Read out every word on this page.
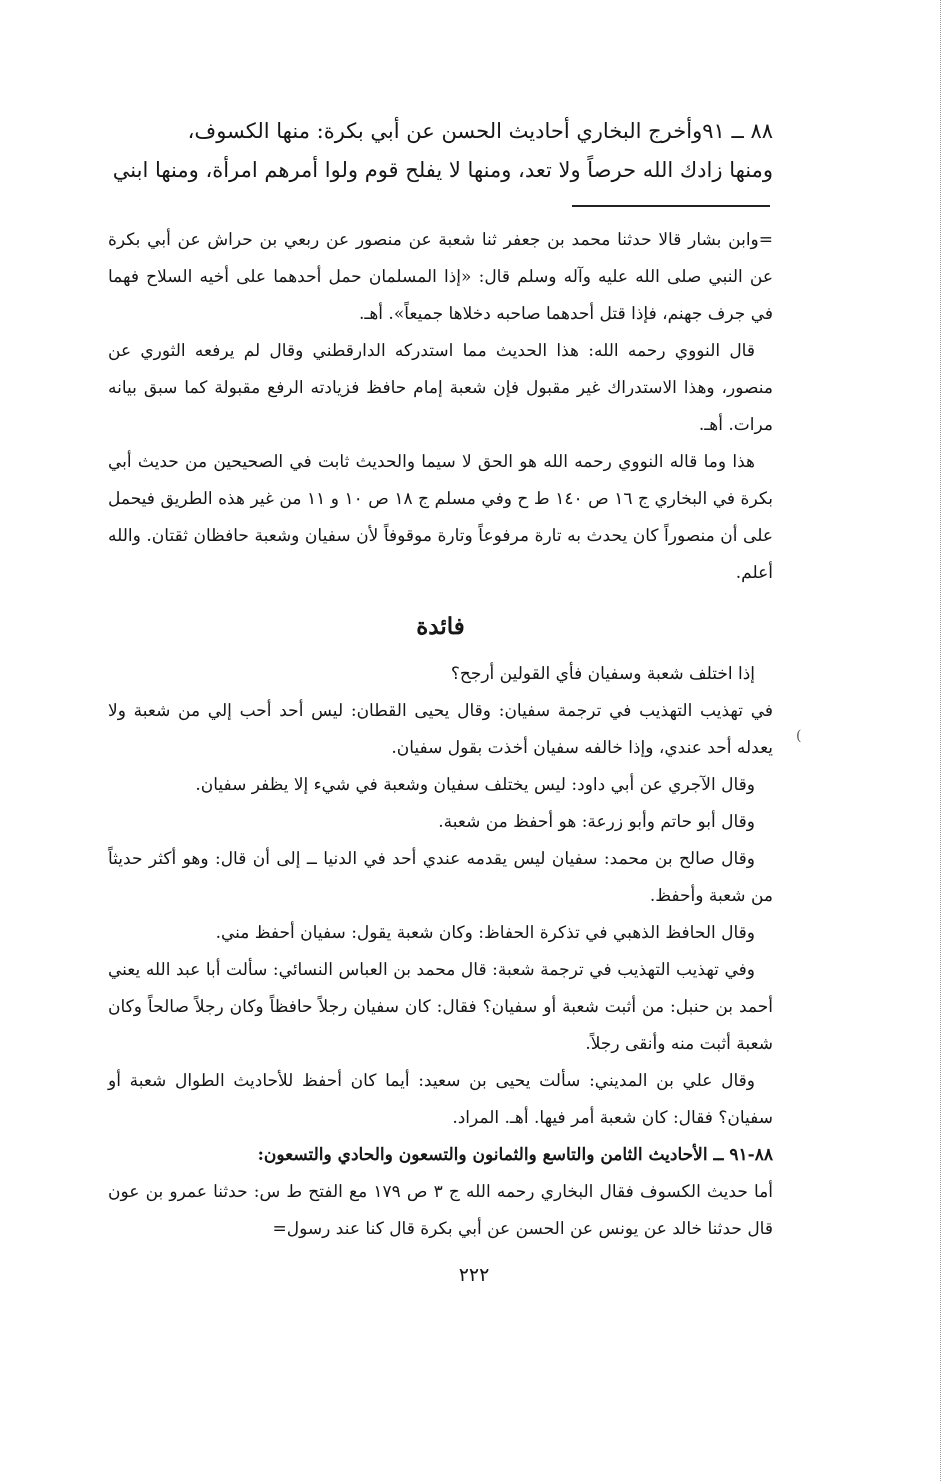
٨٨ ــ ٩١وأخرج البخاري أحاديث الحسن عن أبي بكرة: منها الكسوف،

ومنها زادك الله حرصاً ولا تعد، ومنها لا يفلح قوم ولوا أمرهم امرأة، ومنها ابني

=وابن بشار قالا حدثنا محمد بن جعفر ثنا شعبة عن منصور عن ربعي بن حراش عن أبي بكرة عن النبي صلى الله عليه وآله وسلم قال: «إذا المسلمان حمل أحدهما على أخيه السلاح فهما في جرف جهنم، فإذا قتل أحدهما صاحبه دخلاها جميعاً». أهـ.

قال النووي رحمه الله: هذا الحديث مما استدركه الدارقطني وقال لم يرفعه الثوري عن منصور، وهذا الاستدراك غير مقبول فإن شعبة إمام حافظ فزيادته الرفع مقبولة كما سبق بيانه مرات. أهـ.

هذا وما قاله النووي رحمه الله هو الحق لا سيما والحديث ثابت في الصحيحين من حديث أبي بكرة في البخاري ج ١٦ ص ١٤٠ ط ح وفي مسلم ج ١٨ ص ١٠ و ١١ من غير هذه الطريق فيحمل على أن منصوراً كان يحدث به تارة مرفوعاً وتارة موقوفاً لأن سفيان وشعبة حافظان ثقتان. والله أعلم.

فائدة

إذا اختلف شعبة وسفيان فأي القولين أرجح؟

في تهذيب التهذيب في ترجمة سفيان: وقال يحيى القطان: ليس أحد أحب إلي من شعبة ولا يعدله أحد عندي، وإذا خالفه سفيان أخذت بقول سفيان.

وقال الآجري عن أبي داود: ليس يختلف سفيان وشعبة في شيء إلا يظفر سفيان.

وقال أبو حاتم وأبو زرعة: هو أحفظ من شعبة.

وقال صالح بن محمد: سفيان ليس يقدمه عندي أحد في الدنيا ــ إلى أن قال: وهو أكثر حديثاً من شعبة وأحفظ.

وقال الحافظ الذهبي في تذكرة الحفاظ: وكان شعبة يقول: سفيان أحفظ مني.

وفي تهذيب التهذيب في ترجمة شعبة: قال محمد بن العباس النسائي: سألت أبا عبد الله يعني أحمد بن حنبل: من أثبت شعبة أو سفيان؟ فقال: كان سفيان رجلاً حافظاً وكان رجلاً صالحاً وكان شعبة أثبت منه وأنقى رجلاً.

وقال علي بن المديني: سألت يحيى بن سعيد: أيما كان أحفظ للأحاديث الطوال شعبة أو سفيان؟ فقال: كان شعبة أمر فيها. أهـ. المراد.

٨٨-٩١ ــ الأحاديث الثامن والتاسع والثمانون والتسعون والحادي والتسعون:

أما حديث الكسوف فقال البخاري رحمه الله ج ٣ ص ١٧٩ مع الفتح ط س: حدثنا عمرو بن عون قال حدثنا خالد عن يونس عن الحسن عن أبي بكرة قال كنا عند رسول=

(
٢٢٢
